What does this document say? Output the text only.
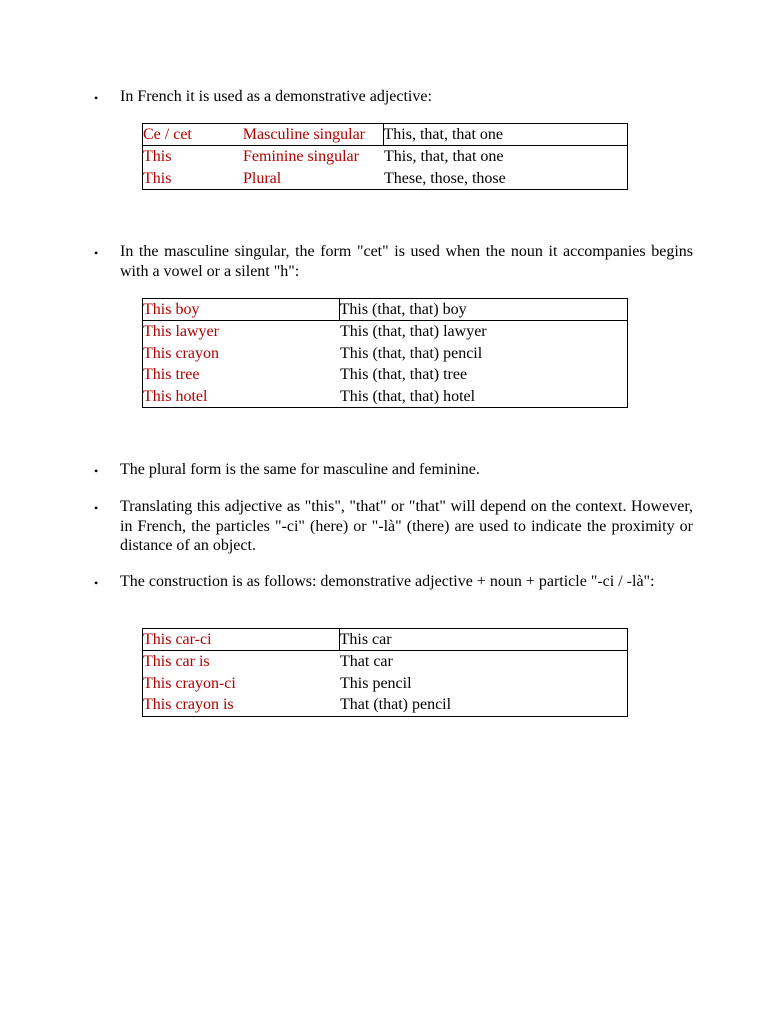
• In French it is used as a demonstrative adjective:
Ce / cet	Masculine singular	This, that, that one
This	Feminine singular	This, that, that one
This	Plural	These, those, those
• In the masculine singular, the form "cet" is used when the noun it accompanies begins with a vowel or a silent "h":
This boy	This (that, that) boy
This lawyer	This (that, that) lawyer
This crayon	This (that, that) pencil
This tree	This (that, that) tree
This hotel	This (that, that) hotel
• The plural form is the same for masculine and feminine.
• Translating this adjective as "this", "that" or "that" will depend on the context. However, in French, the particles "-ci" (here) or "-là" (there) are used to indicate the proximity or distance of an object.
• The construction is as follows: demonstrative adjective + noun + particle "-ci / -là":
This car-ci	This car
This car is	That car
This crayon-ci	This pencil
This crayon is	That (that) pencil
